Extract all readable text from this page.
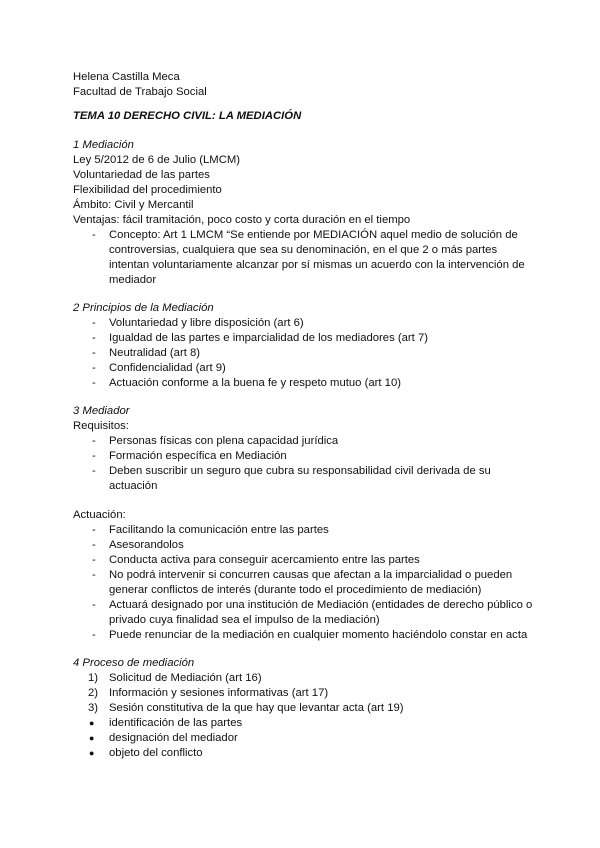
Helena Castilla Meca
Facultad de Trabajo Social
TEMA 10 DERECHO CIVIL: LA MEDIACIÓN
1 Mediación
Ley 5/2012 de 6 de Julio (LMCM)
Voluntariedad de las partes
Flexibilidad del procedimiento
Ámbito: Civil y Mercantil
Ventajas: fácil tramitación, poco costo y corta duración en el tiempo
- Concepto: Art 1 LMCM “Se entiende por MEDIACIÓN aquel medio de solución de controversias, cualquiera que sea su denominación, en el que 2 o más partes intentan voluntariamente alcanzar por sí mismas un acuerdo con la intervención de mediador
2 Principios de la Mediación
- Voluntariedad y libre disposición (art 6)
- Igualdad de las partes e imparcialidad de los mediadores (art 7)
- Neutralidad (art 8)
- Confidencialidad (art 9)
- Actuación conforme a la buena fe y respeto mutuo (art 10)
3 Mediador
Requisitos:
- Personas físicas con plena capacidad jurídica
- Formación específica en Mediación
- Deben suscribir un seguro que cubra su responsabilidad civil derivada de su actuación
Actuación:
- Facilitando la comunicación entre las partes
- Asesorandolos
- Conducta activa para conseguir acercamiento entre las partes
- No podrá intervenir si concurren causas que afectan a la imparcialidad o pueden generar conflictos de interés (durante todo el procedimiento de mediación)
- Actuará designado por una institución de Mediación (entidades de derecho público o privado cuya finalidad sea el impulso de la mediación)
- Puede renunciar de la mediación en cualquier momento haciéndolo constar en acta
4 Proceso de mediación
1) Solicitud de Mediación (art 16)
2) Información y sesiones informativas (art 17)
3) Sesión constitutiva de la que hay que levantar acta (art 19)
● identificación de las partes
● designación del mediador
● objeto del conflicto
